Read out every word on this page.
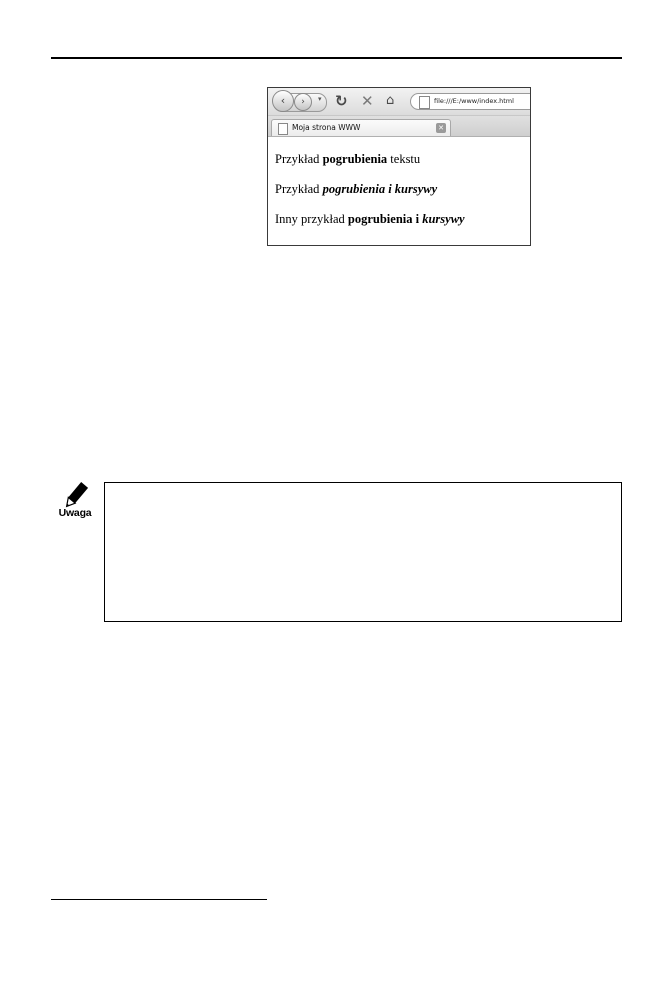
‹	›	▾ ↻ ✕ ⌂	file:///E:/www/index.html
Moja strona WWW	✕

Przykład pogrubienia tekstu

Przykład pogrubienia i kursywy

Inny przykład pogrubienia i kursywy

Uwaga
